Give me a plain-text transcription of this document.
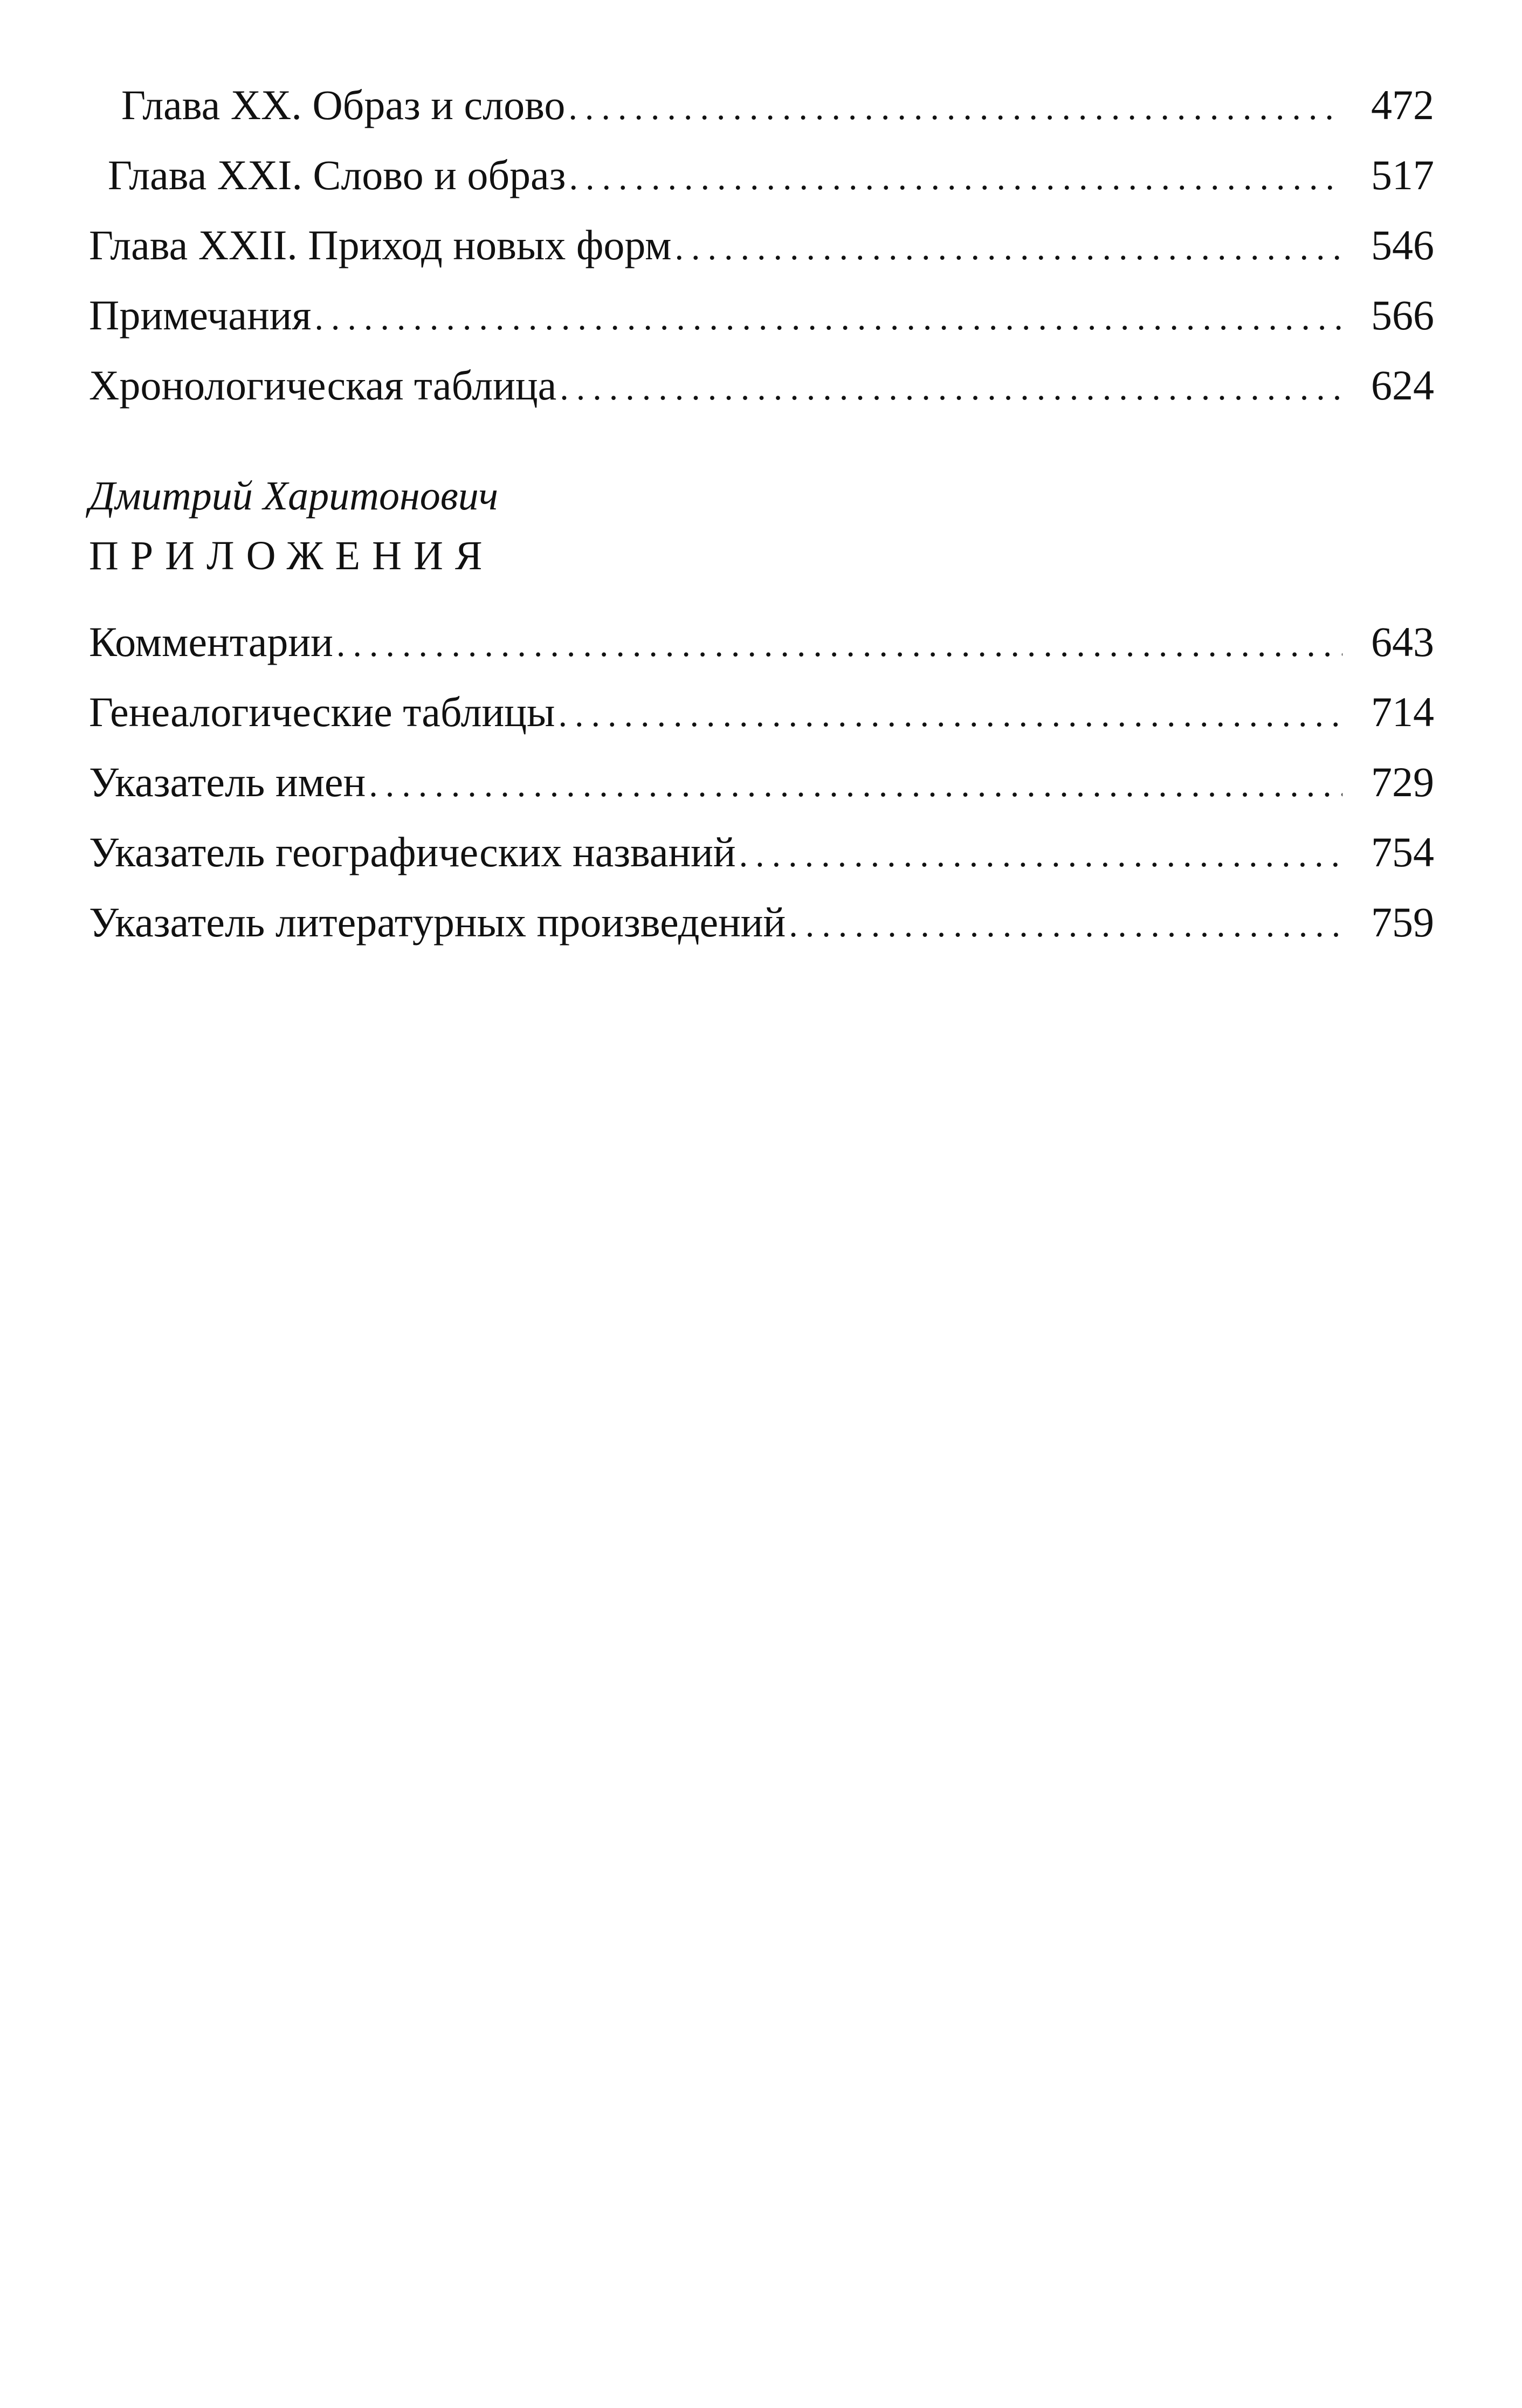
Глава XX. Образ и слово .....	472
Глава XXI. Слово и образ .....	517
Глава XXII. Приход новых форм .....	546
Примечания .....	566
Хронологическая таблица .....	624
Дмитрий Харитонович
ПРИЛОЖЕНИЯ
Комментарии .....	643
Генеалогические таблицы .....	714
Указатель имен .....	729
Указатель географических названий .....	754
Указатель литературных произведений .....	759
